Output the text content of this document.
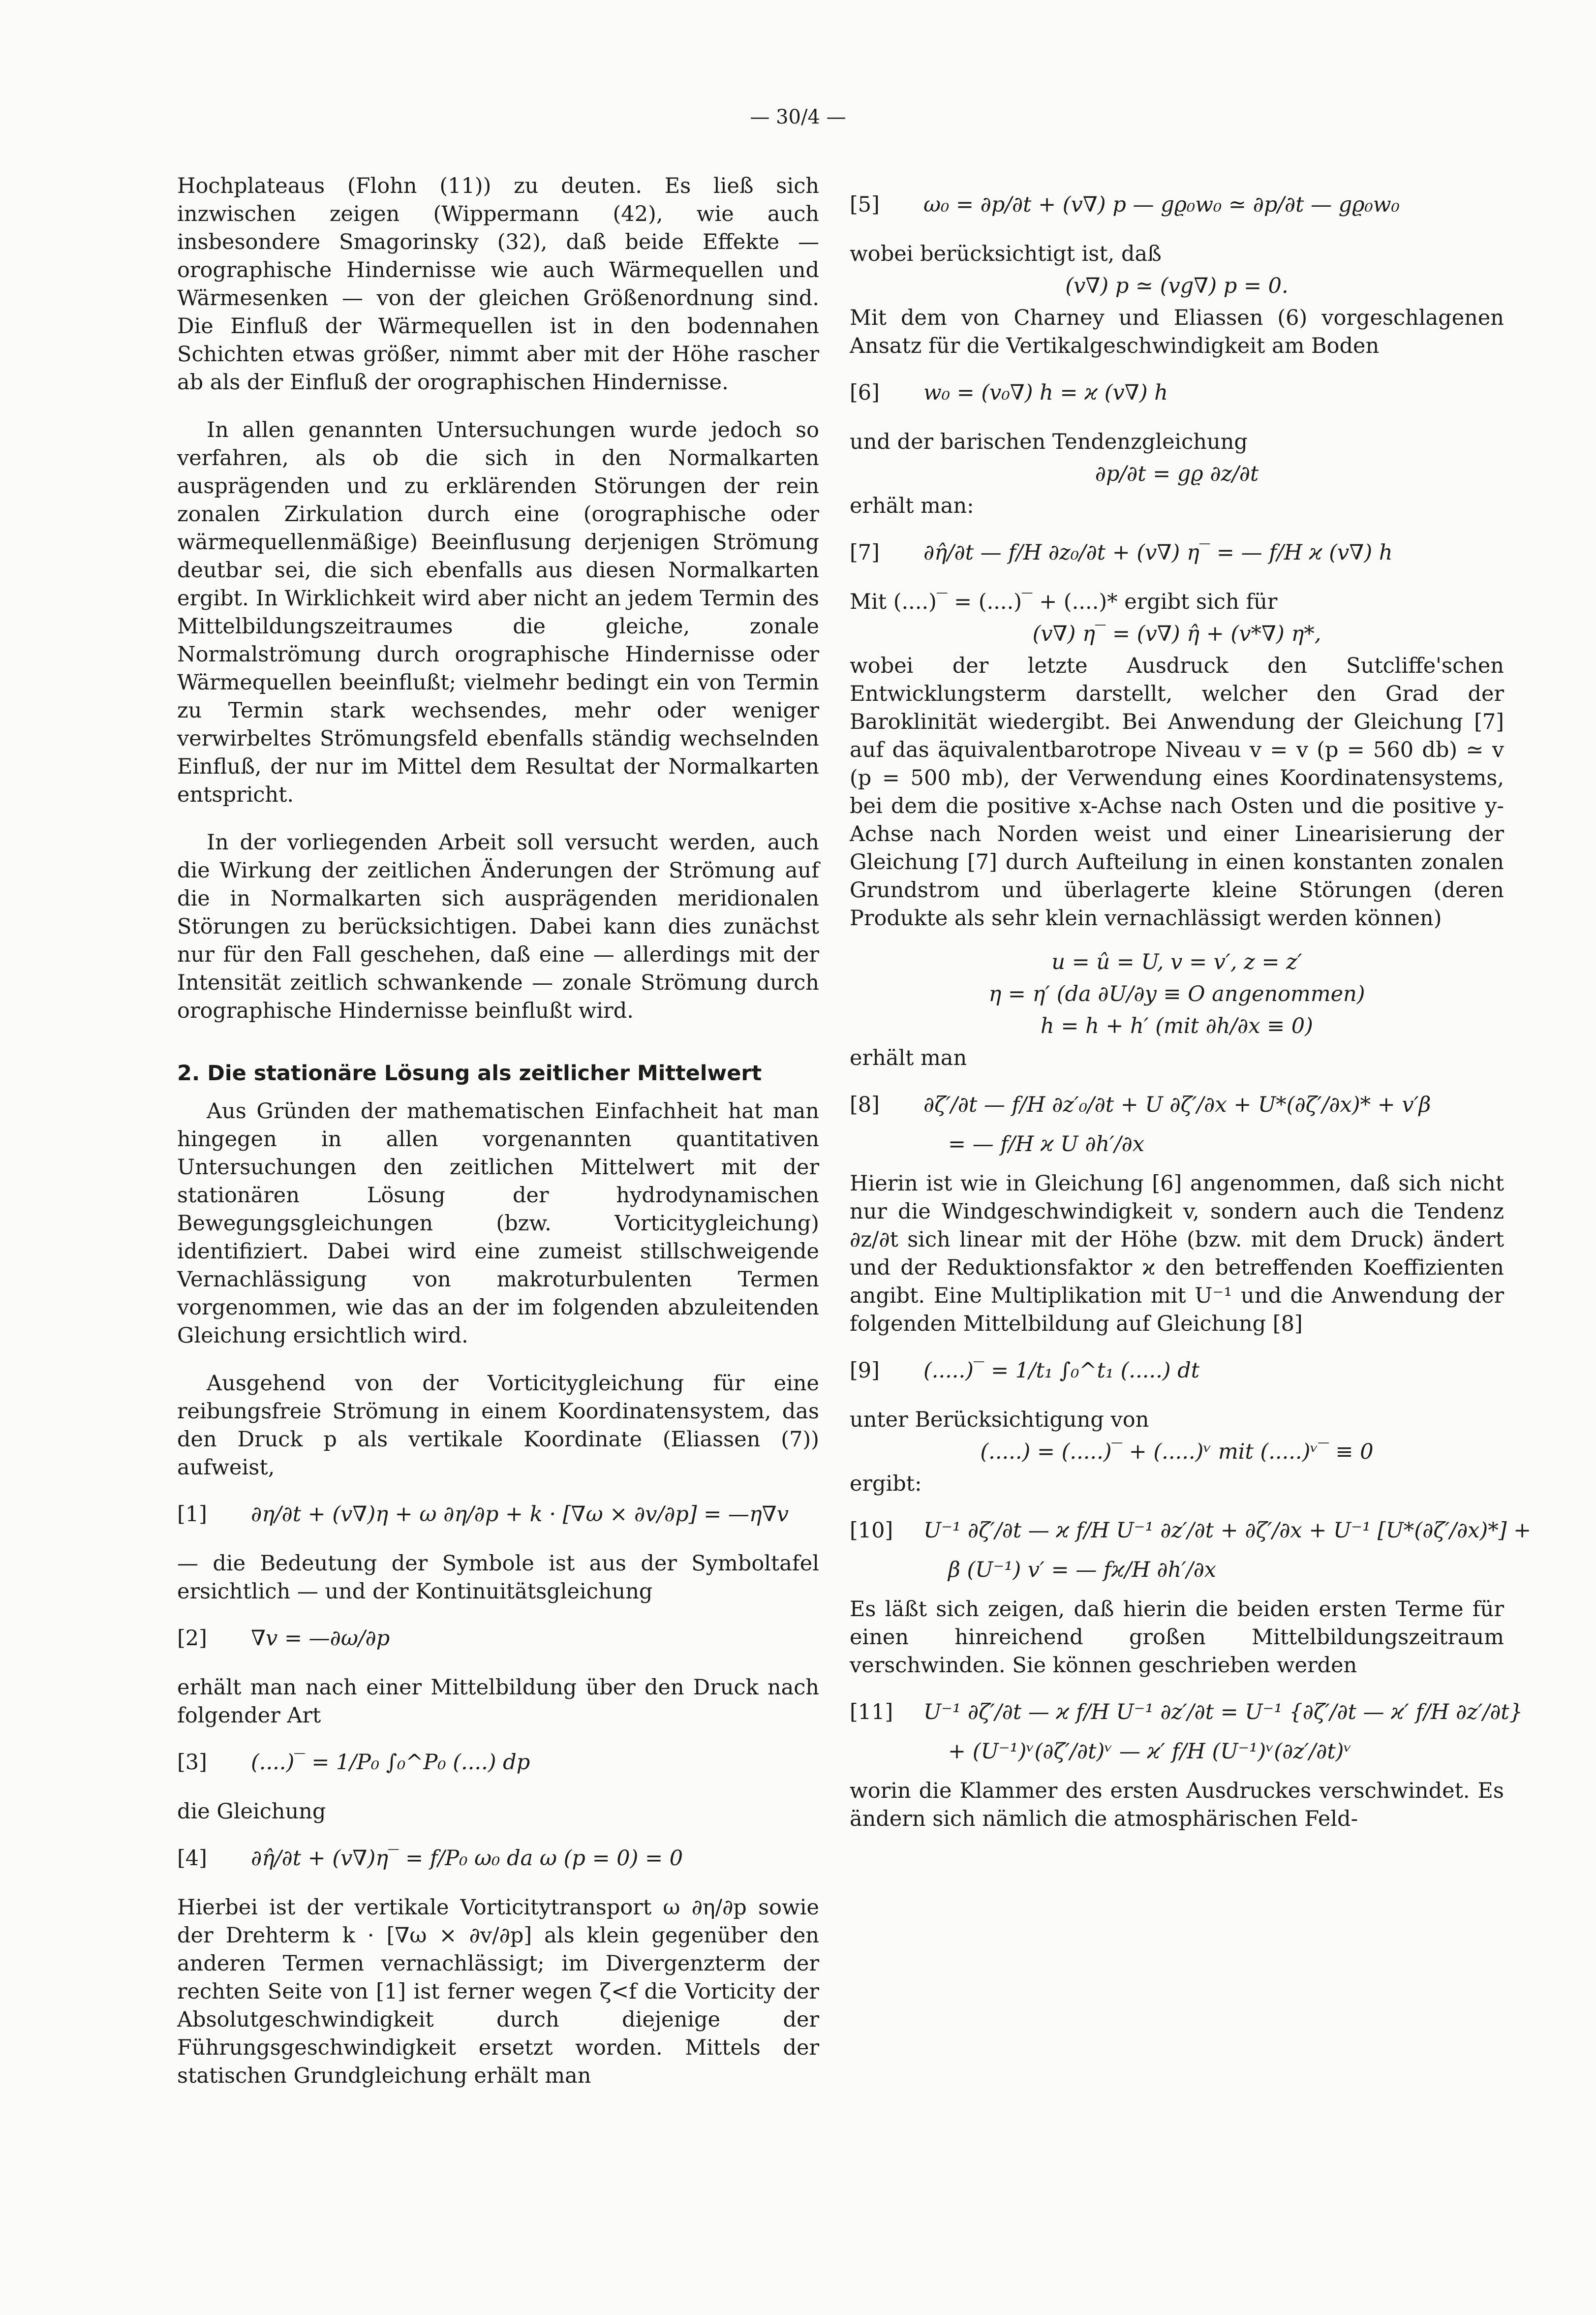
— 30/4 —

Hochplateaus (Flohn (11)) zu deuten. Es ließ sich inzwischen zeigen (Wippermann (42), wie auch insbesondere Smagorinsky (32), daß beide Effekte — orographische Hindernisse wie auch Wärmequellen und Wärmesenken — von der gleichen Größenordnung sind. Die Einfluß der Wärmequellen ist in den bodennahen Schichten etwas größer, nimmt aber mit der Höhe rascher ab als der Einfluß der orographischen Hindernisse.

In allen genannten Untersuchungen wurde jedoch so verfahren, als ob die sich in den Normalkarten ausprägenden und zu erklärenden Störungen der rein zonalen Zirkulation durch eine (orographische oder wärmequellenmäßige) Beeinflusung derjenigen Strömung deutbar sei, die sich ebenfalls aus diesen Normalkarten ergibt. In Wirklichkeit wird aber nicht an jedem Termin des Mittelbildungszeitraumes die gleiche, zonale Normalströmung durch orographische Hindernisse oder Wärmequellen beeinflußt; vielmehr bedingt ein von Termin zu Termin stark wechsendes, mehr oder weniger verwirbeltes Strömungsfeld ebenfalls ständig wechselnden Einfluß, der nur im Mittel dem Resultat der Normalkarten entspricht.

In der vorliegenden Arbeit soll versucht werden, auch die Wirkung der zeitlichen Änderungen der Strömung auf die in Normalkarten sich ausprägenden meridionalen Störungen zu berücksichtigen. Dabei kann dies zunächst nur für den Fall geschehen, daß eine — allerdings mit der Intensität zeitlich schwankende — zonale Strömung durch orographische Hindernisse beinflußt wird.

2. Die stationäre Lösung als zeitlicher Mittelwert

Aus Gründen der mathematischen Einfachheit hat man hingegen in allen vorgenannten quantitativen Untersuchungen den zeitlichen Mittelwert mit der stationären Lösung der hydrodynamischen Bewegungsgleichungen (bzw. Vorticitygleichung) identifiziert. Dabei wird eine zumeist stillschweigende Vernachlässigung von makroturbulenten Termen vorgenommen, wie das an der im folgenden abzuleitenden Gleichung ersichtlich wird.

Ausgehend von der Vorticitygleichung für eine reibungsfreie Strömung in einem Koordinatensystem, das den Druck p als vertikale Koordinate (Eliassen (7)) aufweist,

[1] ∂η/∂t + (v∇)η + ω ∂η/∂p + k · [∇ω × ∂v/∂p] = —η∇v

— die Bedeutung der Symbole ist aus der Symboltafel ersichtlich — und der Kontinuitätsgleichung

[2] ∇v = —∂ω/∂p

erhält man nach einer Mittelbildung über den Druck nach folgender Art

[3] (....)‾ = 1/P₀ ∫₀^P₀ (....) dp

die Gleichung

[4] ∂η̂/∂t + (v∇)η‾ = f/P₀ ω₀ da ω (p = 0) = 0

Hierbei ist der vertikale Vorticitytransport ω ∂η/∂p sowie der Drehterm k · [∇ω × ∂v/∂p] als klein gegenüber den anderen Termen vernachlässigt; im Divergenzterm der rechten Seite von [1] ist ferner wegen ζ<f die Vorticity der Absolutgeschwindigkeit durch diejenige der Führungsgeschwindigkeit ersetzt worden. Mittels der statischen Grundgleichung erhält man

[5] ω₀ = ∂p/∂t + (v∇) p — gϱ₀w₀ ≃ ∂p/∂t — gϱ₀w₀

wobei berücksichtigt ist, daß

(v∇) p ≃ (vg∇) p = 0.

Mit dem von Charney und Eliassen (6) vorgeschlagenen Ansatz für die Vertikalgeschwindigkeit am Boden

[6] w₀ = (v₀∇) h = ϰ (v∇) h

und der barischen Tendenzgleichung

∂p/∂t = gϱ ∂z/∂t

erhält man:

[7] ∂η̂/∂t — f/H ∂z₀/∂t + (v∇) η‾ = — f/H ϰ (v∇) h

Mit (....)‾ = (....)‾ + (....)* ergibt sich für

(v∇) η‾ = (v∇) η̂ + (v*∇) η*,

wobei der letzte Ausdruck den Sutcliffe'schen Entwicklungsterm darstellt, welcher den Grad der Baroklinität wiedergibt. Bei Anwendung der Gleichung [7] auf das äquivalentbarotrope Niveau v = v (p = 560 db) ≃ v (p = 500 mb), der Verwendung eines Koordinatensystems, bei dem die positive x-Achse nach Osten und die positive y-Achse nach Norden weist und einer Linearisierung der Gleichung [7] durch Aufteilung in einen konstanten zonalen Grundstrom und überlagerte kleine Störungen (deren Produkte als sehr klein vernachlässigt werden können)

u = û = U, v = v′, z = z′
η = η′ (da ∂U/∂y ≡ O angenommen)
h = h + h′ (mit ∂h/∂x ≡ 0)

erhält man

[8] ∂ζ′/∂t — f/H ∂z′₀/∂t + U ∂ζ′/∂x + U*(∂ζ′/∂x)* + v′β
= — f/H ϰ U ∂h′/∂x

Hierin ist wie in Gleichung [6] angenommen, daß sich nicht nur die Windgeschwindigkeit v, sondern auch die Tendenz ∂z/∂t sich linear mit der Höhe (bzw. mit dem Druck) ändert und der Reduktionsfaktor ϰ den betreffenden Koeffizienten angibt. Eine Multiplikation mit U⁻¹ und die Anwendung der folgenden Mittelbildung auf Gleichung [8]

[9] (.....)‾ = 1/t₁ ∫₀^t₁ (.....) dt

unter Berücksichtigung von

(.....) = (.....)‾ + (.....)ᵛ mit (.....)ᵛ‾ ≡ 0

ergibt:

[10] U⁻¹ ∂ζ′/∂t — ϰ f/H U⁻¹ ∂z′/∂t + ∂ζ′/∂x + U⁻¹ [U*(∂ζ′/∂x)*] +
β (U⁻¹) v′ = — fϰ/H ∂h′/∂x

Es läßt sich zeigen, daß hierin die beiden ersten Terme für einen hinreichend großen Mittelbildungszeitraum verschwinden. Sie können geschrieben werden

[11] U⁻¹ ∂ζ′/∂t — ϰ f/H U⁻¹ ∂z′/∂t = U⁻¹ {∂ζ′/∂t — ϰ′ f/H ∂z′/∂t}
+ (U⁻¹)ᵛ(∂ζ′/∂t)ᵛ — ϰ′ f/H (U⁻¹)ᵛ(∂z′/∂t)ᵛ

worin die Klammer des ersten Ausdruckes verschwindet. Es ändern sich nämlich die atmosphärischen Feld-
